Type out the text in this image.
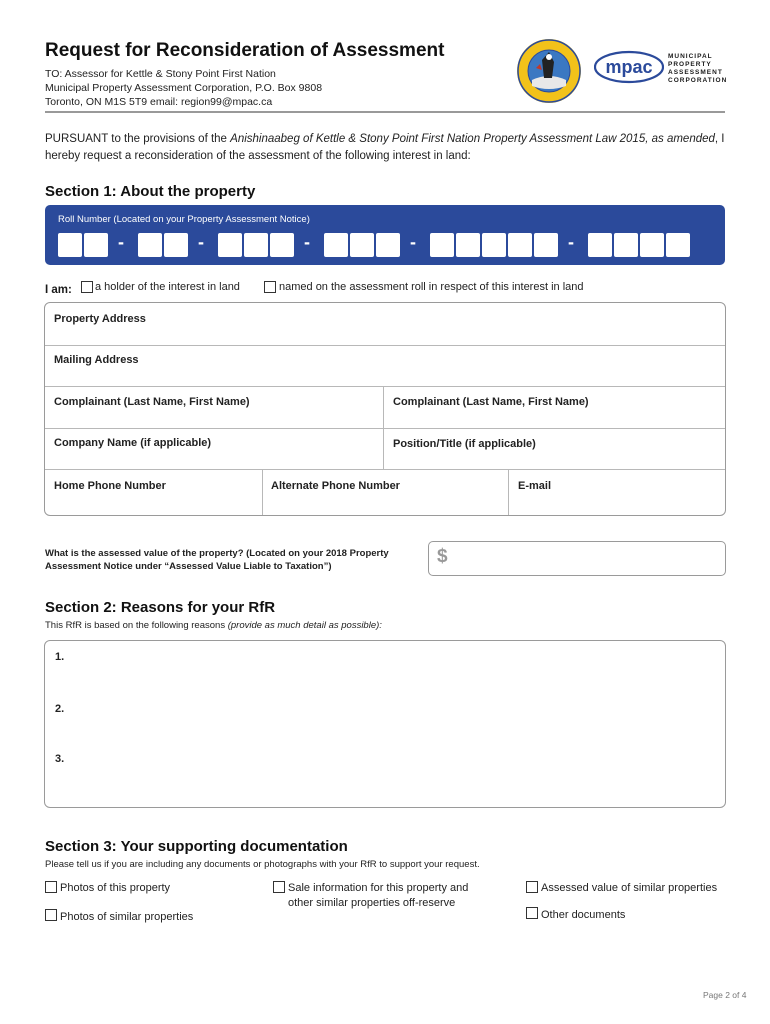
Request for Reconsideration of Assessment
TO: Assessor for Kettle & Stony Point First Nation
Municipal Property Assessment Corporation, P.O. Box 9808
Toronto, ON M1S 5T9 email: region99@mpac.ca
mpac
MUNICIPAL
PROPERTY
ASSESSMENT
CORPORATION
PURSUANT to the provisions of the Anishinaabeg of Kettle & Stony Point First Nation Property Assessment Law 2015, as amended, I hereby request a reconsideration of the assessment of the following interest in land:
Section 1: About the property
Roll Number (Located on your Property Assessment Notice)
-	-	-	-	-
I am: a holder of the interest in land	named on the assessment roll in respect of this interest in land
Property Address
Mailing Address
Complainant (Last Name, First Name)	Complainant (Last Name, First Name)
Company Name (if applicable)	Position/Title (if applicable)
Home Phone Number	Alternate Phone Number	E-mail
What is the assessed value of the property? (Located on your 2018 Property Assessment Notice under “Assessed Value Liable to Taxation”)	$
Section 2: Reasons for your RfR
This RfR is based on the following reasons (provide as much detail as possible):
1.
2.
3.
Section 3: Your supporting documentation
Please tell us if you are including any documents or photographs with your RfR to support your request.
Photos of this property
Photos of similar properties
Sale information for this property and
other similar properties off-reserve
Assessed value of similar properties
Other documents
Page 2 of 4
